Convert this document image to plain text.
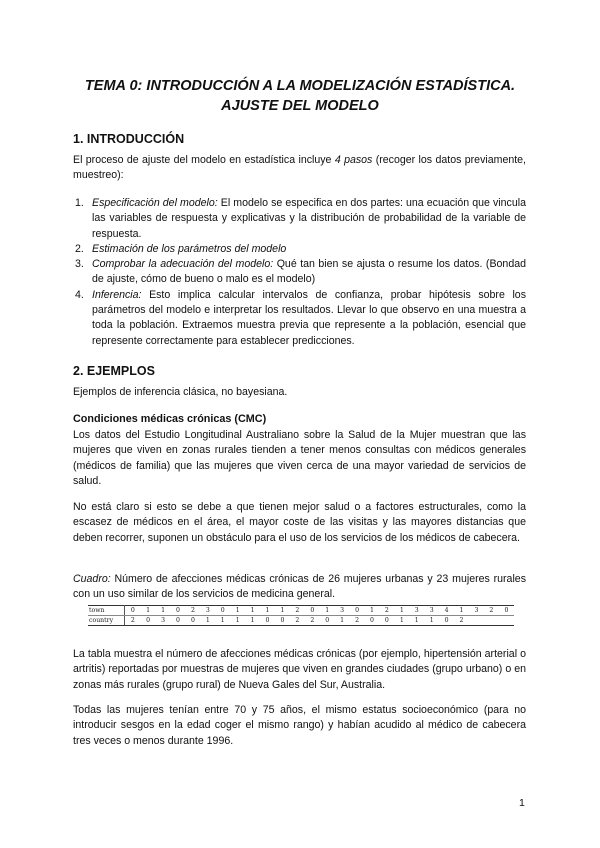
TEMA 0: INTRODUCCIÓN A LA MODELIZACIÓN ESTADÍSTICA.
AJUSTE DEL MODELO
1. INTRODUCCIÓN

El proceso de ajuste del modelo en estadística incluye 4 pasos (recoger los datos previamente, muestreo):

1. Especificación del modelo: El modelo se especifica en dos partes: una ecuación que vincula las variables de respuesta y explicativas y la distribución de probabilidad de la variable de respuesta.
2. Estimación de los parámetros del modelo
3. Comprobar la adecuación del modelo: Qué tan bien se ajusta o resume los datos. (Bondad de ajuste, cómo de bueno o malo es el modelo)
4. Inferencia: Esto implica calcular intervalos de confianza, probar hipótesis sobre los parámetros del modelo e interpretar los resultados. Llevar lo que observo en una muestra a toda la población. Extraemos muestra previa que represente a la población, esencial que represente correctamente para establecer predicciones.
2. EJEMPLOS

Ejemplos de inferencia clásica, no bayesiana.

Condiciones médicas crónicas (CMC)

Los datos del Estudio Longitudinal Australiano sobre la Salud de la Mujer muestran que las mujeres que viven en zonas rurales tienden a tener menos consultas con médicos generales (médicos de familia) que las mujeres que viven cerca de una mayor variedad de servicios de salud.

No está claro si esto se debe a que tienen mejor salud o a factores estructurales, como la escasez de médicos en el área, el mayor coste de las visitas y las mayores distancias que deben recorrer, suponen un obstáculo para el uso de los servicios de los médicos de cabecera.

Cuadro: Número de afecciones médicas crónicas de 26 mujeres urbanas y 23 mujeres rurales con un uso similar de los servicios de medicina general.

town	0	1	1	0	2	3	0	1	1	1	1	2	0	1	3	0	1	2	1	3	3	4	1	3	2	0
country	2	0	3	0	0	1	1	1	1	0	0	2	2	0	1	2	0	0	1	1	1	0	2			

La tabla muestra el número de afecciones médicas crónicas (por ejemplo, hipertensión arterial o artritis) reportadas por muestras de mujeres que viven en grandes ciudades (grupo urbano) o en zonas más rurales (grupo rural) de Nueva Gales del Sur, Australia.

Todas las mujeres tenían entre 70 y 75 años, el mismo estatus socioeconómico (para no introducir sesgos en la edad coger el mismo rango) y habían acudido al médico de cabecera tres veces o menos durante 1996.

1
